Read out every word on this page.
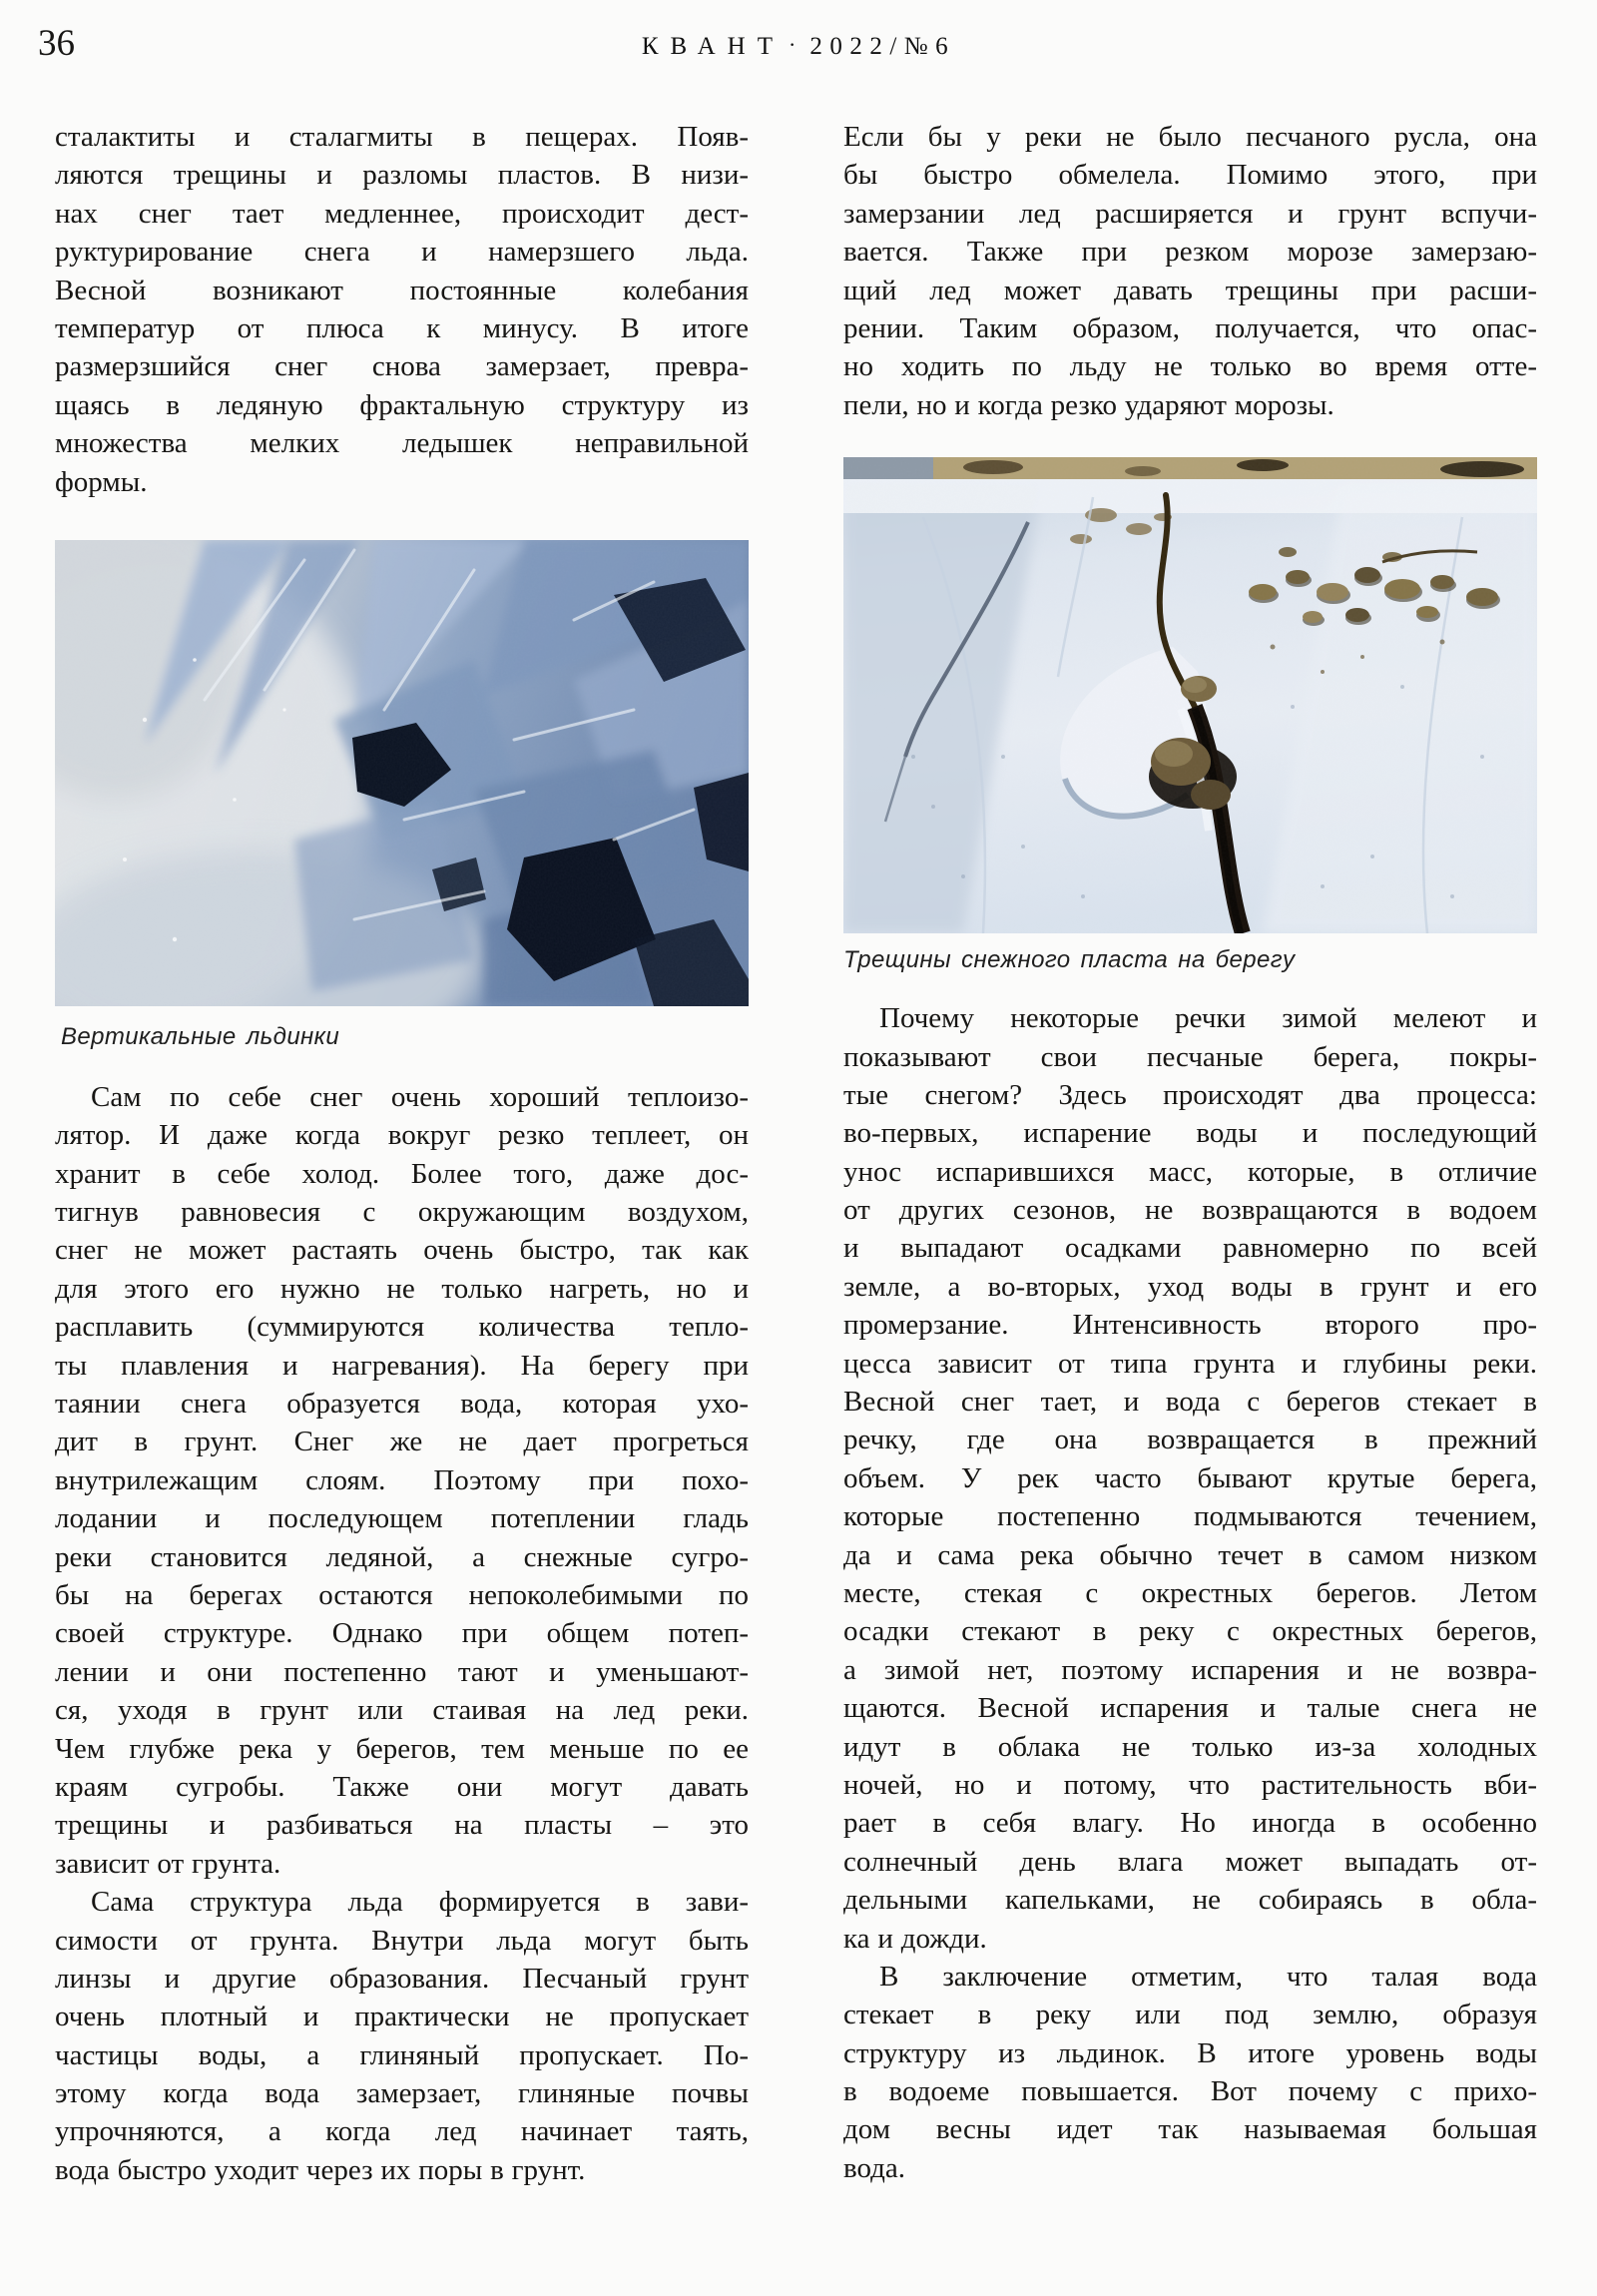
36	КВАНТ · 2022/№6
сталактиты и сталагмиты в пещерах. Появ-
ляются трещины и разломы пластов. В низи-
нах снег тает медленнее, происходит дест-
руктурирование снега и намерзшего льда.
Весной возникают постоянные колебания
температур от плюса к минусу. В итоге
размерзшийся снег снова замерзает, превра-
щаясь в ледяную фрактальную структуру из
множества мелких ледышек неправильной
формы.
Вертикальные льдинки
Сам по себе снег очень хороший теплоизо-
лятор. И даже когда вокруг резко теплеет, он
хранит в себе холод. Более того, даже дос-
тигнув равновесия с окружающим воздухом,
снег не может растаять очень быстро, так как
для этого его нужно не только нагреть, но и
расплавить (суммируются количества тепло-
ты плавления и нагревания). На берегу при
таянии снега образуется вода, которая ухо-
дит в грунт. Снег же не дает прогреться
внутрилежащим слоям. Поэтому при похо-
лодании и последующем потеплении гладь
реки становится ледяной, а снежные сугро-
бы на берегах остаются непоколебимыми по
своей структуре. Однако при общем потеп-
лении и они постепенно тают и уменьшают-
ся, уходя в грунт или стаивая на лед реки.
Чем глубже река у берегов, тем меньше по ее
краям сугробы. Также они могут давать
трещины и разбиваться на пласты – это
зависит от грунта.
Сама структура льда формируется в зави-
симости от грунта. Внутри льда могут быть
линзы и другие образования. Песчаный грунт
очень плотный и практически не пропускает
частицы воды, а глиняный пропускает. По-
этому когда вода замерзает, глиняные почвы
упрочняются, а когда лед начинает таять,
вода быстро уходит через их поры в грунт.
Если бы у реки не было песчаного русла, она
бы быстро обмелела. Помимо этого, при
замерзании лед расширяется и грунт вспучи-
вается. Также при резком морозе замерзаю-
щий лед может давать трещины при расши-
рении. Таким образом, получается, что опас-
но ходить по льду не только во время отте-
пели, но и когда резко ударяют морозы.
Трещины снежного пласта на берегу
Почему некоторые речки зимой мелеют и
показывают свои песчаные берега, покры-
тые снегом? Здесь происходят два процесса:
во-первых, испарение воды и последующий
унос испарившихся масс, которые, в отличие
от других сезонов, не возвращаются в водоем
и выпадают осадками равномерно по всей
земле, а во-вторых, уход воды в грунт и его
промерзание. Интенсивность второго про-
цесса зависит от типа грунта и глубины реки.
Весной снег тает, и вода с берегов стекает в
речку, где она возвращается в прежний
объем. У рек часто бывают крутые берега,
которые постепенно подмываются течением,
да и сама река обычно течет в самом низком
месте, стекая с окрестных берегов. Летом
осадки стекают в реку с окрестных берегов,
а зимой нет, поэтому испарения и не возвра-
щаются. Весной испарения и талые снега не
идут в облака не только из-за холодных
ночей, но и потому, что растительность вби-
рает в себя влагу. Но иногда в особенно
солнечный день влага может выпадать от-
дельными капельками, не собираясь в обла-
ка и дожди.
В заключение отметим, что талая вода
стекает в реку или под землю, образуя
структуру из льдинок. В итоге уровень воды
в водоеме повышается. Вот почему с прихо-
дом весны идет так называемая большая
вода.
